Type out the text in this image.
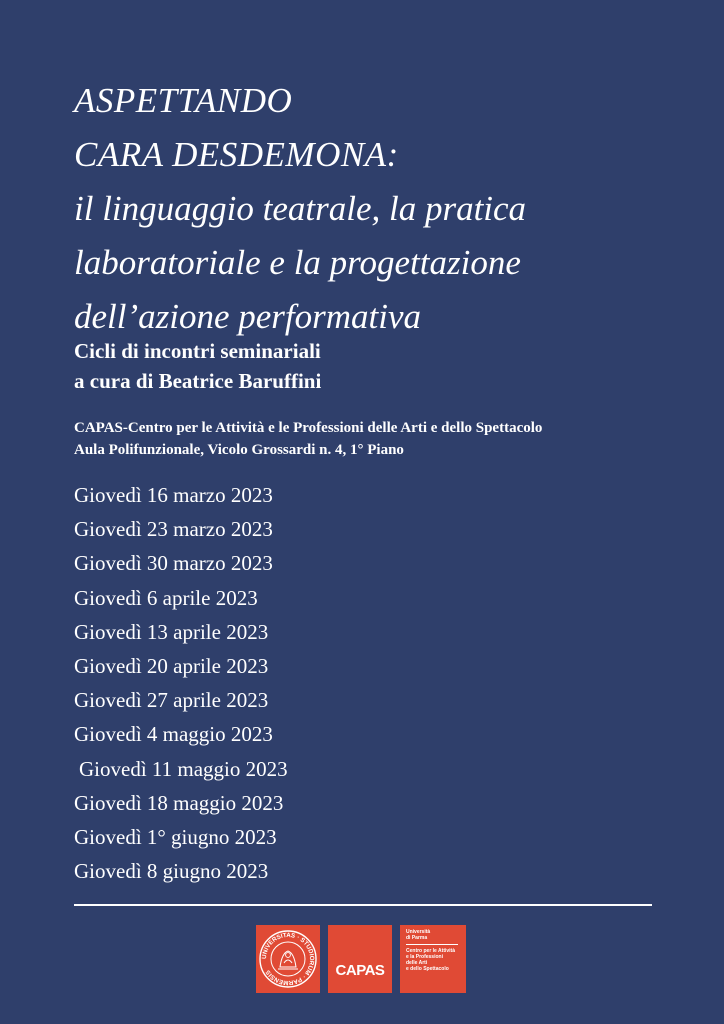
ASPETTANDO
CARA DESDEMONA:
il linguaggio teatrale, la pratica
laboratoriale e la progettazione
dell’azione performativa
Cicli di incontri seminariali
a cura di Beatrice Baruffini
CAPAS-Centro per le Attività e le Professioni delle Arti e dello Spettacolo
Aula Polifunzionale, Vicolo Grossardi n. 4, 1° Piano
Giovedì 16 marzo 2023
Giovedì 23 marzo 2023
Giovedì 30 marzo 2023
Giovedì 6 aprile 2023
Giovedì 13 aprile 2023
Giovedì 20 aprile 2023
Giovedì 27 aprile 2023
Giovedì 4 maggio 2023
Giovedì 11 maggio 2023
Giovedì 18 maggio 2023
Giovedì 1° giugno 2023
Giovedì 8 giugno 2023
UNIVERSITAS · STUDIORUM · PARMENSIS	CAPAS
Università
di Parma
Centro per le Attività
e la Professioni
delle Arti
e dello Spettacolo
